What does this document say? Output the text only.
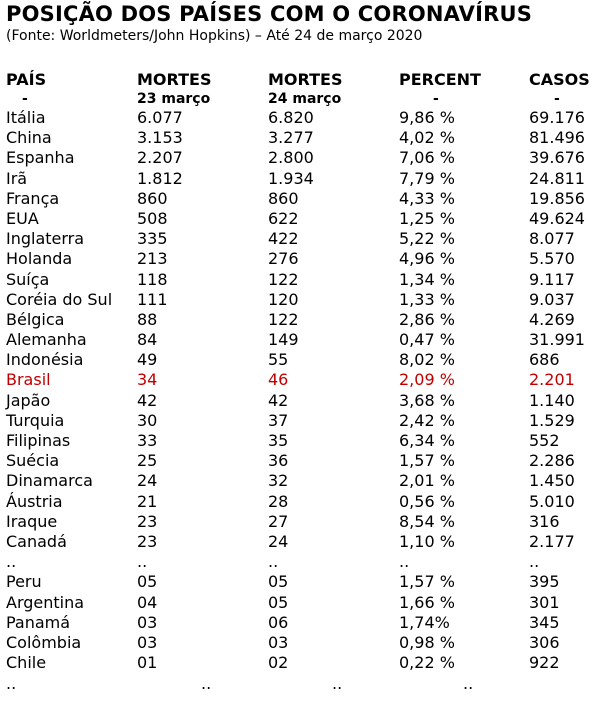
POSIÇÃO DOS PAÍSES COM O CORONAVÍRUS
(Fonte: Worldmeters/John Hopkins) – Até 24 de março 2020
PAÍS	MORTES	MORTES	PERCENT	CASOS
-	23 março	24 março	-	-
Itália	6.077	6.820	9,86 %	69.176
China	3.153	3.277	4,02 %	81.496
Espanha	2.207	2.800	7,06 %	39.676
Irã	1.812	1.934	7,79 %	24.811
França	860	860	4,33 %	19.856
EUA	508	622	1,25 %	49.624
Inglaterra	335	422	5,22 %	8.077
Holanda	213	276	4,96 %	5.570
Suíça	118	122	1,34 %	9.117
Coréia do Sul 111	120	1,33 %	9.037
Bélgica	88	122	2,86 %	4.269
Alemanha	84	149	0,47 %	31.991
Indonésia	49	55	8,02 %	686
Brasil	34	46	2,09 %	2.201
Japão	42	42	3,68 %	1.140
Turquia	30	37	2,42 %	1.529
Filipinas	33	35	6,34 %	552
Suécia	25	36	1,57 %	2.286
Dinamarca	24	32	2,01 %	1.450
Áustria	21	28	0,56 %	5.010
Iraque	23	27	8,54 %	316
Canadá	23	24	1,10 %	2.177
..	..	..	..	..
Peru	05	05	1,57 %	395
Argentina	04	05	1,66 %	301
Panamá	03	06	1,74%	345
Colômbia	03	03	0,98 %	306
Chile	01	02	0,22 %	922
..	..	..	..
